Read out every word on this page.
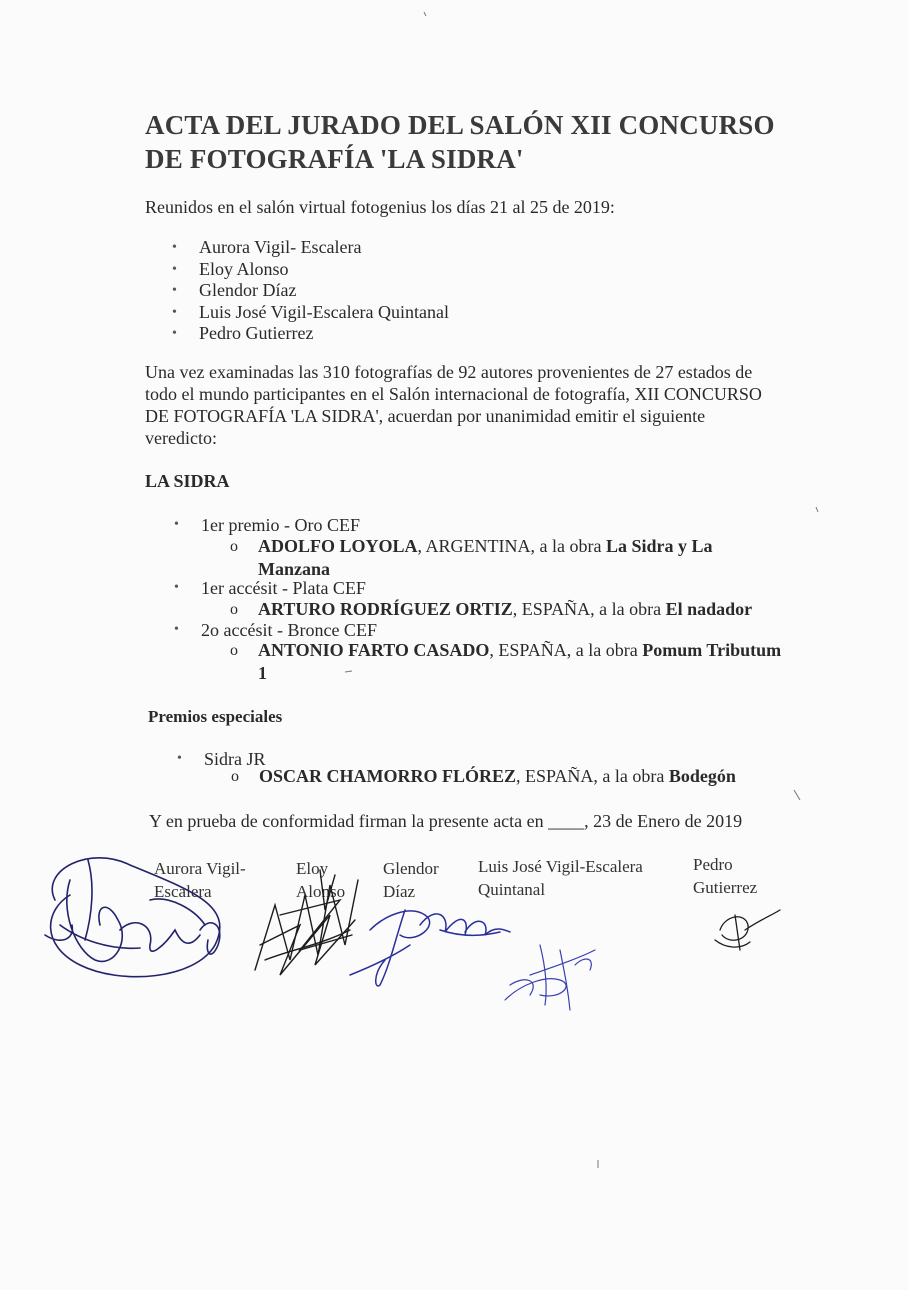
ACTA DEL JURADO DEL SALÓN XII CONCURSO
DE FOTOGRAFÍA 'LA SIDRA'
Reunidos en el salón virtual fotogenius los días 21 al 25 de 2019:
• Aurora Vigil- Escalera
• Eloy Alonso
• Glendor Díaz
• Luis José Vigil-Escalera Quintanal
• Pedro Gutierrez
Una vez examinadas las 310 fotografías de 92 autores provenientes de 27 estados de
todo el mundo participantes en el Salón internacional de fotografía, XII CONCURSO
DE FOTOGRAFÍA 'LA SIDRA', acuerdan por unanimidad emitir el siguiente
veredicto:
LA SIDRA
• 1er premio - Oro CEF
o ADOLFO LOYOLA, ARGENTINA, a la obra La Sidra y La
Manzana
• 1er accésit - Plata CEF
o ARTURO RODRÍGUEZ ORTIZ, ESPAÑA, a la obra El nadador
• 2o accésit - Bronce CEF
o ANTONIO FARTO CASADO, ESPAÑA, a la obra Pomum Tributum
1
Premios especiales
• Sidra JR
o OSCAR CHAMORRO FLÓREZ, ESPAÑA, a la obra Bodegón
Y en prueba de conformidad firman la presente acta en ____, 23 de Enero de 2019
Aurora Vigil-
Escalera
Eloy
Alonso
Glendor
Díaz
Luis José Vigil-Escalera
Quintanal
Pedro
Gutierrez
